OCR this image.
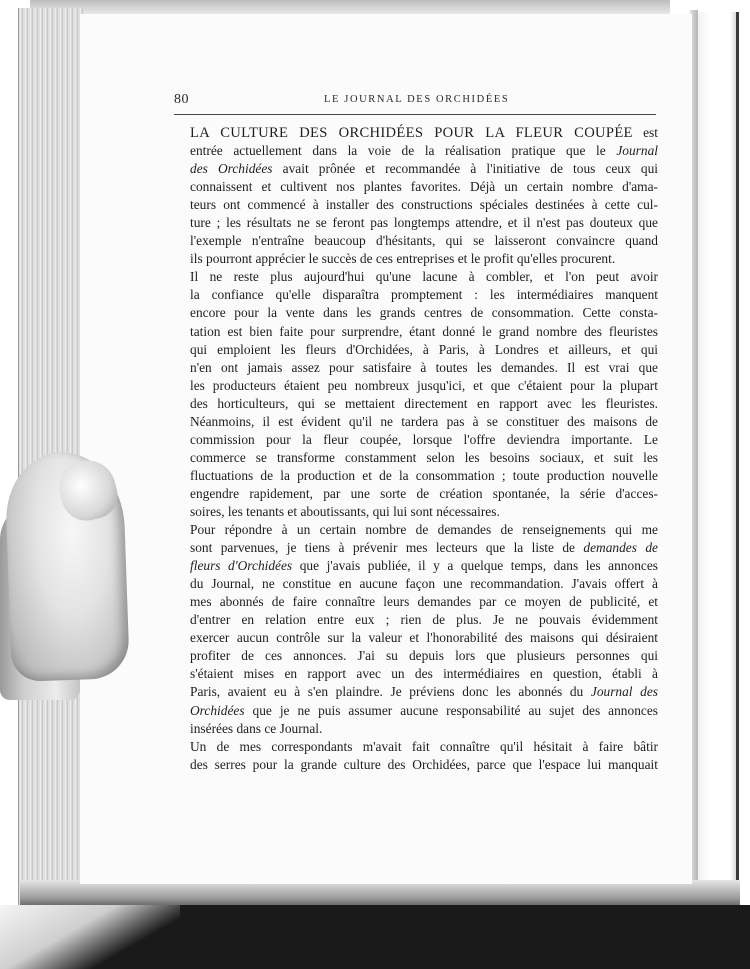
80	LE JOURNAL DES ORCHIDÉES
LA CULTURE DES ORCHIDÉES POUR LA FLEUR COUPÉE est
entrée actuellement dans la voie de la réalisation pratique que le Journal
des Orchidées avait prônée et recommandée à l'initiative de tous ceux qui
connaissent et cultivent nos plantes favorites. Déjà un certain nombre d'ama-
teurs ont commencé à installer des constructions spéciales destinées à cette cul-
ture ; les résultats ne se feront pas longtemps attendre, et il n'est pas douteux que
l'exemple n'entraîne beaucoup d'hésitants, qui se laisseront convaincre quand
ils pourront apprécier le succès de ces entreprises et le profit qu'elles procurent.
Il ne reste plus aujourd'hui qu'une lacune à combler, et l'on peut avoir
la confiance qu'elle disparaîtra promptement : les intermédiaires manquent
encore pour la vente dans les grands centres de consommation. Cette consta-
tation est bien faite pour surprendre, étant donné le grand nombre des fleuristes
qui emploient les fleurs d'Orchidées, à Paris, à Londres et ailleurs, et qui
n'en ont jamais assez pour satisfaire à toutes les demandes. Il est vrai que
les producteurs étaient peu nombreux jusqu'ici, et que c'étaient pour la plupart
des horticulteurs, qui se mettaient directement en rapport avec les fleuristes.
Néanmoins, il est évident qu'il ne tardera pas à se constituer des maisons de
commission pour la fleur coupée, lorsque l'offre deviendra importante. Le
commerce se transforme constamment selon les besoins sociaux, et suit les
fluctuations de la production et de la consommation ; toute production nouvelle
engendre rapidement, par une sorte de création spontanée, la série d'acces-
soires, les tenants et aboutissants, qui lui sont nécessaires.
Pour répondre à un certain nombre de demandes de renseignements qui me
sont parvenues, je tiens à prévenir mes lecteurs que la liste de demandes de
fleurs d'Orchidées que j'avais publiée, il y a quelque temps, dans les annonces
du Journal, ne constitue en aucune façon une recommandation. J'avais offert à
mes abonnés de faire connaître leurs demandes par ce moyen de publicité, et
d'entrer en relation entre eux ; rien de plus. Je ne pouvais évidemment
exercer aucun contrôle sur la valeur et l'honorabilité des maisons qui désiraient
profiter de ces annonces. J'ai su depuis lors que plusieurs personnes qui
s'étaient mises en rapport avec un des intermédiaires en question, établi à
Paris, avaient eu à s'en plaindre. Je préviens donc les abonnés du Journal des
Orchidées que je ne puis assumer aucune responsabilité au sujet des annonces
insérées dans ce Journal.
Un de mes correspondants m'avait fait connaître qu'il hésitait à faire bâtir
des serres pour la grande culture des Orchidées, parce que l'espace lui manquait
